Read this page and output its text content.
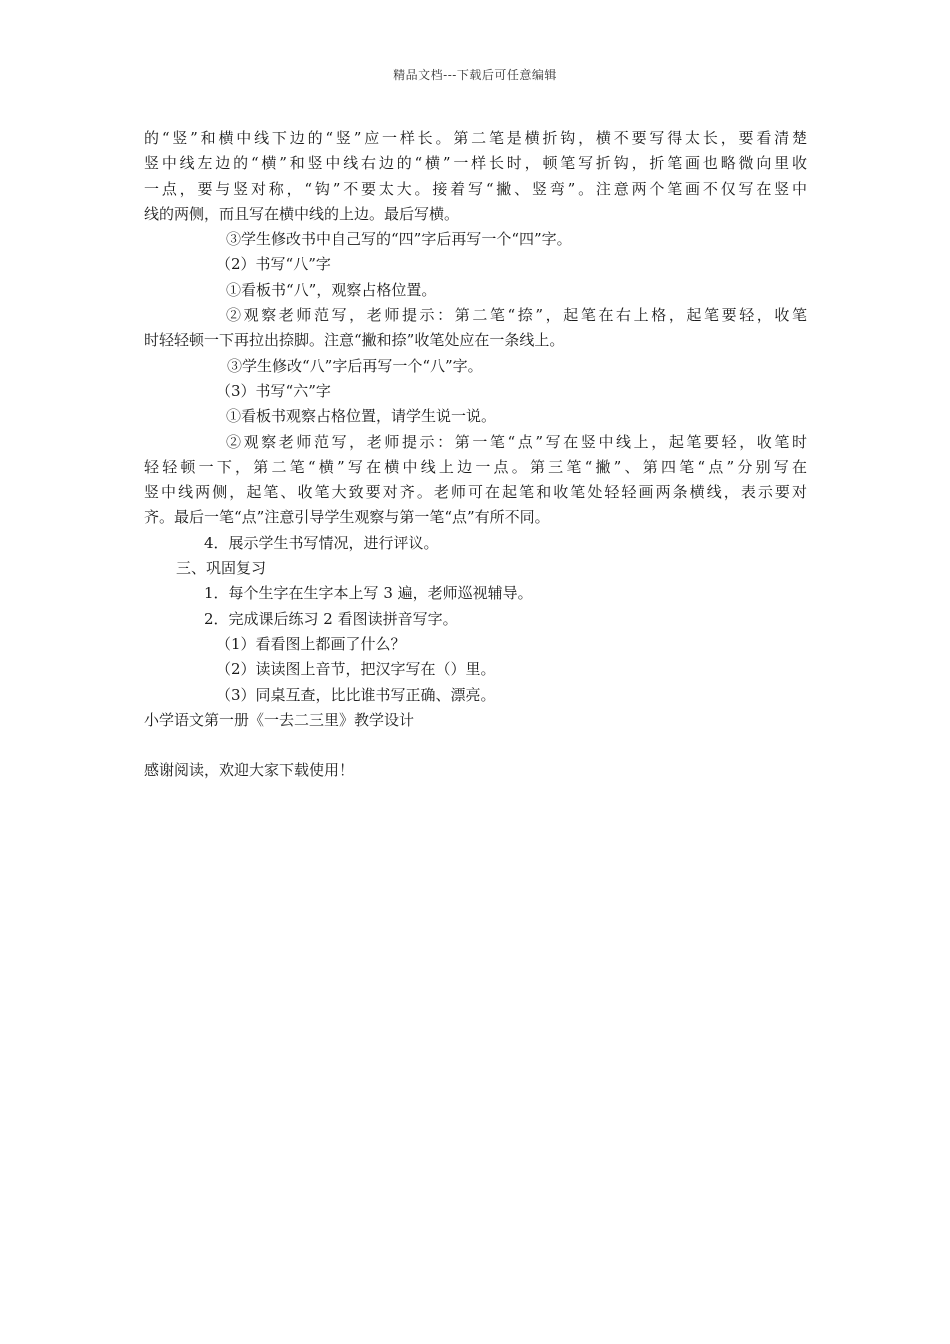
精品文档---下载后可任意编辑
的“竖”和横中线下边的“竖”应一样长。第二笔是横折钩，横不要写得太长，要看清楚
竖中线左边的“横”和竖中线右边的“横”一样长时，顿笔写折钩，折笔画也略微向里收
一点，要与竖对称，“钩”不要太大。接着写“撇、竖弯”。注意两个笔画不仅写在竖中
线的两侧，而且写在横中线的上边。最后写横。
③学生修改书中自己写的“四”字后再写一个“四”字。
（2）书写“八”字
①看板书“八”，观察占格位置。
②观察老师范写，老师提示：第二笔“捺”，起笔在右上格，起笔要轻，收笔
时轻轻顿一下再拉出捺脚。注意“撇和捺”收笔处应在一条线上。
③学生修改“八”字后再写一个“八”字。
（3）书写“六”字
①看板书观察占格位置，请学生说一说。
②观察老师范写，老师提示：第一笔“点”写在竖中线上，起笔要轻，收笔时
轻轻顿一下，第二笔“横”写在横中线上边一点。第三笔“撇”、第四笔“点”分别写在
竖中线两侧，起笔、收笔大致要对齐。老师可在起笔和收笔处轻轻画两条横线，表示要对
齐。最后一笔“点”注意引导学生观察与第一笔“点”有所不同。
4．展示学生书写情况，进行评议。
三、巩固复习
1．每个生字在生字本上写 3 遍，老师巡视辅导。
2．完成课后练习 2 看图读拼音写字。
（1）看看图上都画了什么？
（2）读读图上音节，把汉字写在（）里。
（3）同桌互查，比比谁书写正确、漂亮。
小学语文第一册《一去二三里》教学设计
感谢阅读，欢迎大家下载使用！
